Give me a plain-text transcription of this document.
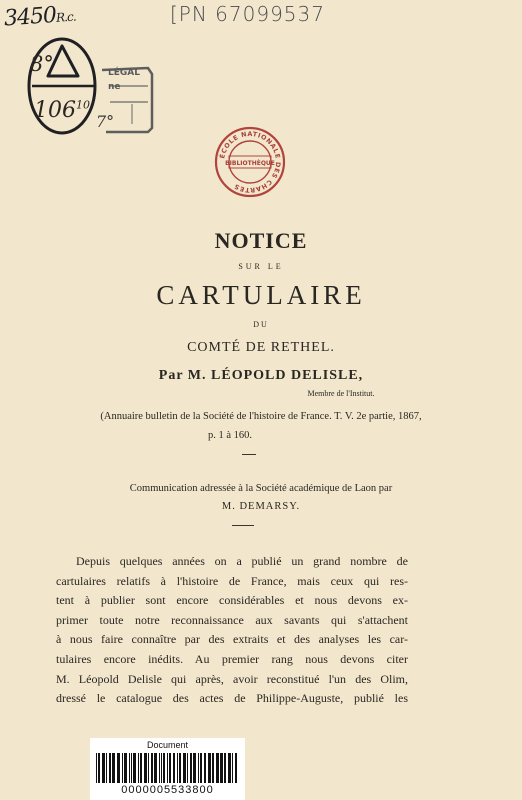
3450R.c.	[PN 67099537
8°
$106^{10}$
LÉGAL
ne
7°
ÉCOLE NATIONALE DES CHARTES
BIBLIOTHÈQUE
NOTICE
SUR LE
CARTULAIRE
DU
COMTÉ DE RETHEL.
Par M. LÉOPOLD DELISLE,
Membre de l'Institut.
(Annuaire bulletin de la Société de l'histoire de France. T. V. 2e partie, 1867,
p. 1 à 160.
Communication adressée à la Société académique de Laon par
M. DEMARSY.
Depuis quelques années on a publié un grand nombre de
cartulaires relatifs à l'histoire de France, mais ceux qui res-
tent à publier sont encore considérables et nous devons ex-
primer toute notre reconnaissance aux savants qui s'attachent
à nous faire connaître par des extraits et des analyses les car-
tulaires encore inédits. Au premier rang nous devons citer
M. Léopold Delisle qui après, avoir reconstitué l'un des Olim,
dressé le catalogue des actes de Philippe-Auguste, publié les
Document
0000005533800
